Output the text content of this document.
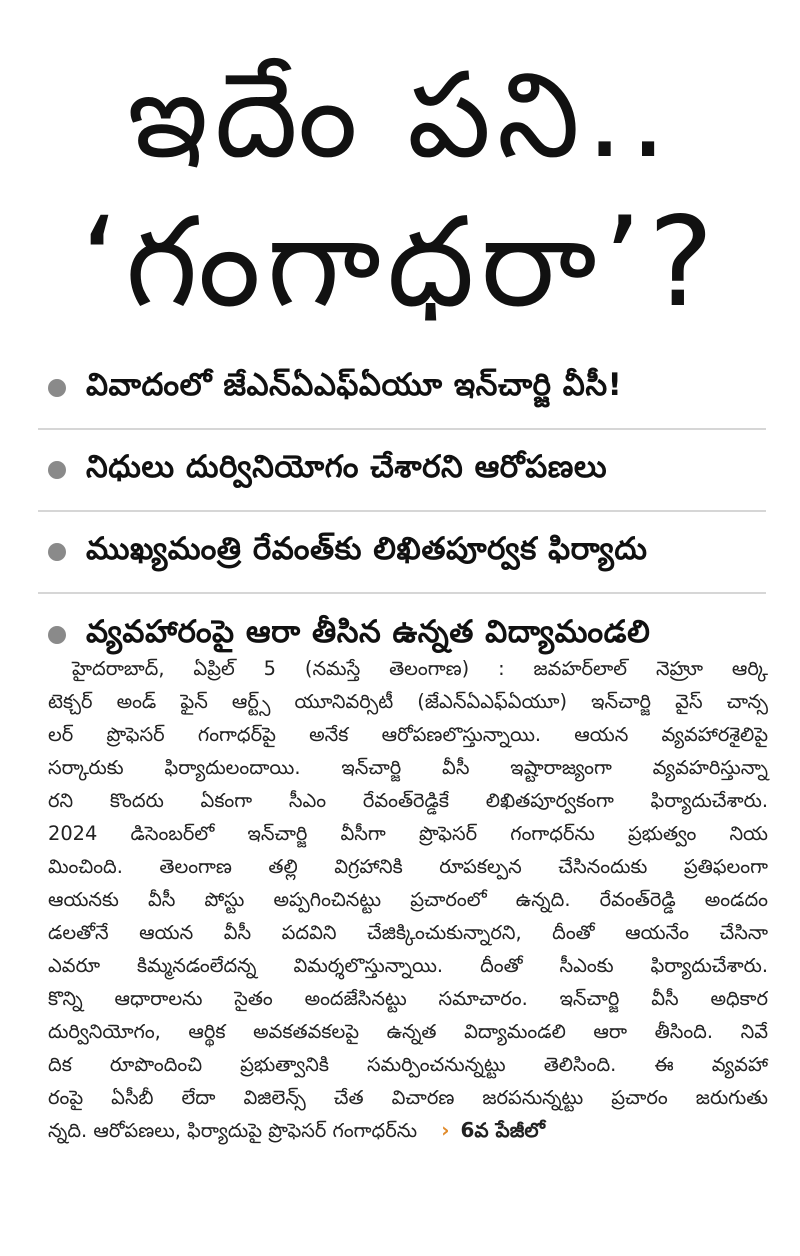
ఇదేం పని..
‘గంగాధరా’?
వివాదంలో జేఎన్‌ఏఎఫ్‌ఏయూ ఇన్‌చార్జి వీసీ!
నిధులు దుర్వినియోగం చేశారని ఆరోపణలు
ముఖ్యమంత్రి రేవంత్‌కు లిఖితపూర్వక ఫిర్యాదు
వ్యవహారంపై ఆరా తీసిన ఉన్నత విద్యామండలి
హైదరాబాద్, ఏప్రిల్ 5 (నమస్తే తెలంగాణ) : జవహర్‌లాల్ నెహ్రూ ఆర్కి
టెక్చర్ అండ్ ఫైన్ ఆర్ట్స్ యూనివర్సిటీ (జేఎన్‌ఏఎఫ్‌ఏయూ) ఇన్‌చార్జి వైస్ చాన్స
లర్ ప్రొఫెసర్ గంగాధర్‌పై అనేక ఆరోపణలొస్తున్నాయి. ఆయన వ్యవహారశైలిపై
సర్కారుకు ఫిర్యాదులందాయి. ఇన్‌చార్జి వీసీ ఇష్టారాజ్యంగా వ్యవహరిస్తున్నా
రని కొందరు ఏకంగా సీఎం రేవంత్‌రెడ్డికే లిఖితపూర్వకంగా ఫిర్యాదుచేశారు.
2024 డిసెంబర్‌లో ఇన్‌చార్జి వీసీగా ప్రొఫెసర్ గంగాధర్‌ను ప్రభుత్వం నియ
మించింది. తెలంగాణ తల్లి విగ్రహానికి రూపకల్పన చేసినందుకు ప్రతిఫలంగా
ఆయనకు వీసీ పోస్టు అప్పగించినట్టు ప్రచారంలో ఉన్నది. రేవంత్‌రెడ్డి అండదం
డలతోనే ఆయన వీసీ పదవిని చేజిక్కించుకున్నారని, దీంతో ఆయనేం చేసినా
ఎవరూ కిమ్మనడంలేదన్న విమర్శలొస్తున్నాయి. దీంతో సీఎంకు ఫిర్యాదుచేశారు.
కొన్ని ఆధారాలను సైతం అందజేసినట్టు సమాచారం. ఇన్‌చార్జి వీసీ అధికార
దుర్వినియోగం, ఆర్థిక అవకతవకలపై ఉన్నత విద్యామండలి ఆరా తీసింది. నివే
దిక రూపొందించి ప్రభుత్వానికి సమర్పించనున్నట్టు తెలిసింది. ఈ వ్యవహా
రంపై ఏసీబీ లేదా విజిలెన్స్ చేత విచారణ జరపనున్నట్టు ప్రచారం జరుగుతు
న్నది. ఆరోపణలు, ఫిర్యాదుపై ప్రొఫెసర్ గంగాధర్‌ను › 6వ పేజీలో
